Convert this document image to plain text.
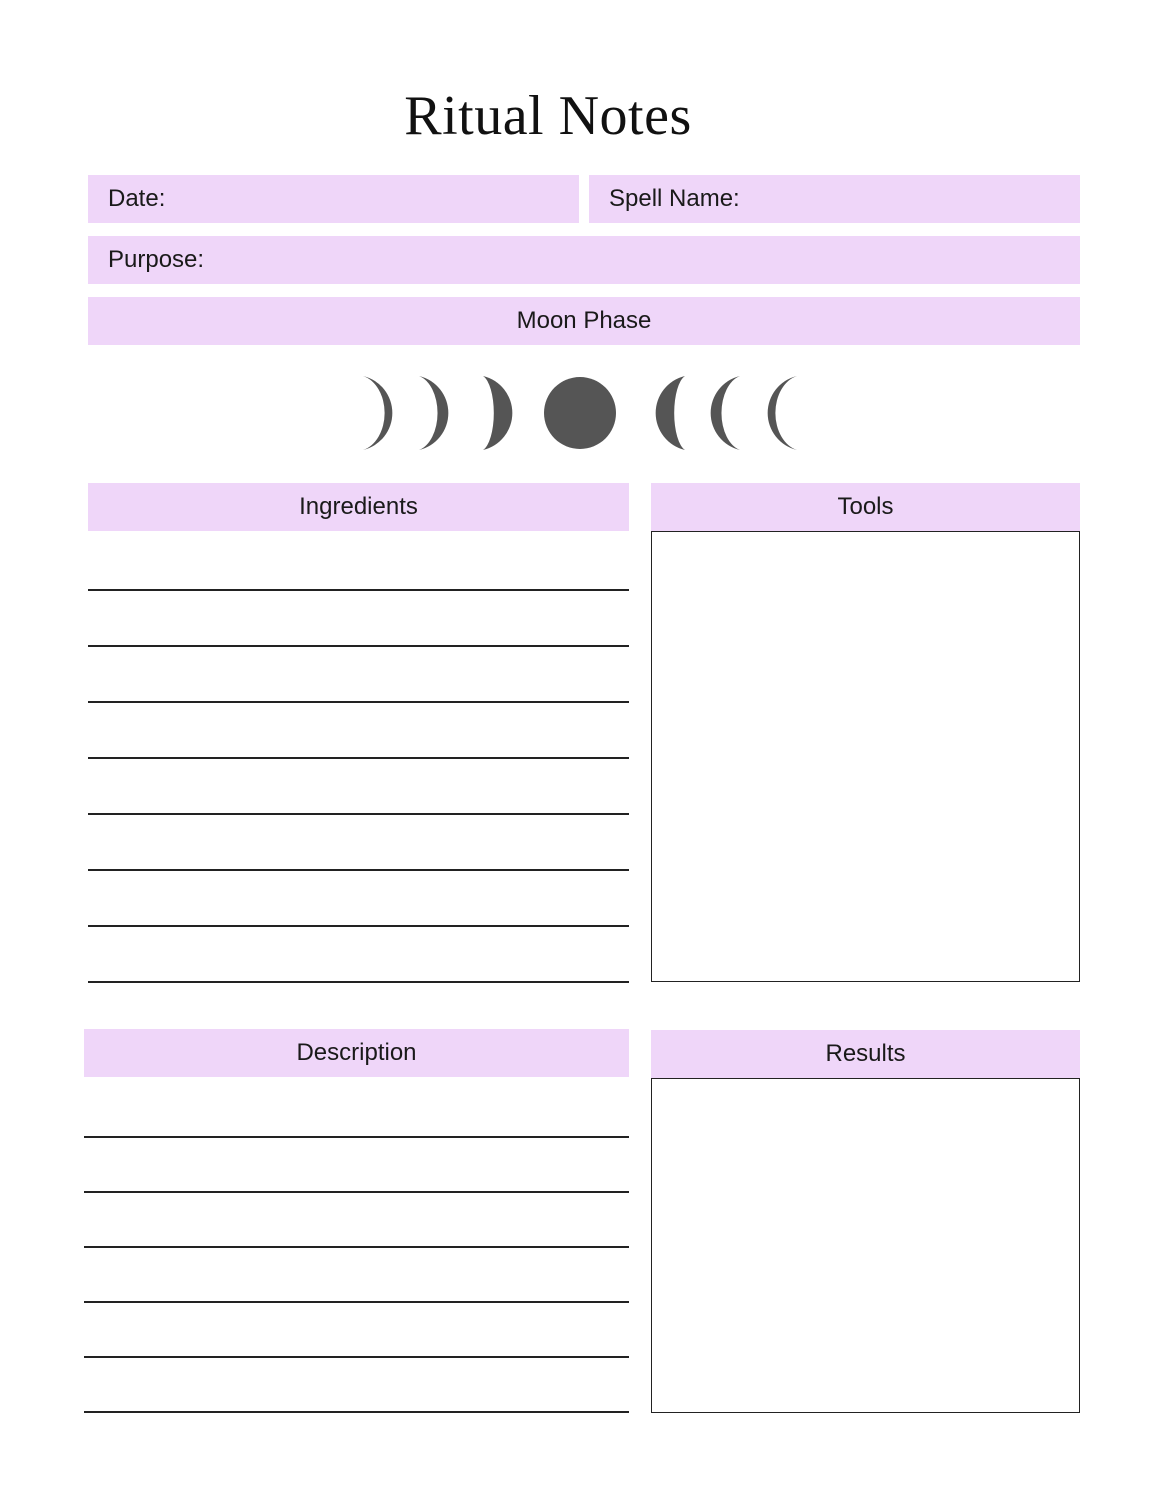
Ritual Notes
Date:	Spell Name:
Purpose:
Moon Phase
Ingredients	Tools
Description	Results
